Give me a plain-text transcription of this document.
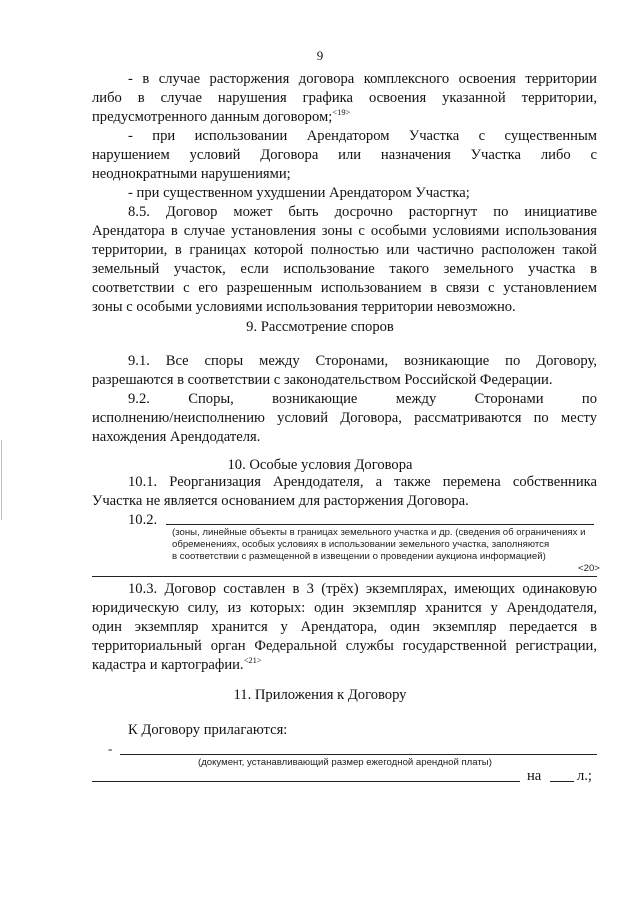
9
- в случае расторжения договора комплексного освоения территории
либо в случае нарушения графика освоения указанной территории,
предусмотренного данным договором;$^{<19>}$
- при использовании Арендатором Участка с существенным
нарушением условий Договора или назначения Участка либо с
неоднократными нарушениями;
- при существенном ухудшении Арендатором Участка;
8.5. Договор может быть досрочно расторгнут по инициативе
Арендатора в случае установления зоны с особыми условиями использования
территории, в границах которой полностью или частично расположен такой
земельный участок, если использование такого земельного участка в
соответствии с его разрешенным использованием в связи с установлением
зоны с особыми условиями использования территории невозможно.
9. Рассмотрение споров
9.1. Все споры между Сторонами, возникающие по Договору,
разрешаются в соответствии с законодательством Российской Федерации.
9.2. Споры, возникающие между Сторонами по
исполнению/неисполнению условий Договора, рассматриваются по месту
нахождения Арендодателя.
10. Особые условия Договора
10.1. Реорганизация Арендодателя, а также перемена собственника
Участка не является основанием для расторжения Договора.
10.2.
(зоны, линейные объекты в границах земельного участка и др. (сведения об ограничениях и
обременениях, особых условиях в использовании земельного участка, заполняются
в соответствии с размещенной в извещении о проведении аукциона информацией)
<20>
10.3. Договор составлен в 3 (трёх) экземплярах, имеющих одинаковую
юридическую силу, из которых: один экземпляр хранится у Арендодателя,
один экземпляр хранится у Арендатора, один экземпляр передается в
территориальный орган Федеральной службы государственной регистрации,
кадастра и картографии.$^{<21>}$
11. Приложения к Договору
К Договору прилагаются:
-
(документ, устанавливающий размер ежегодной арендной платы)
на л.;
